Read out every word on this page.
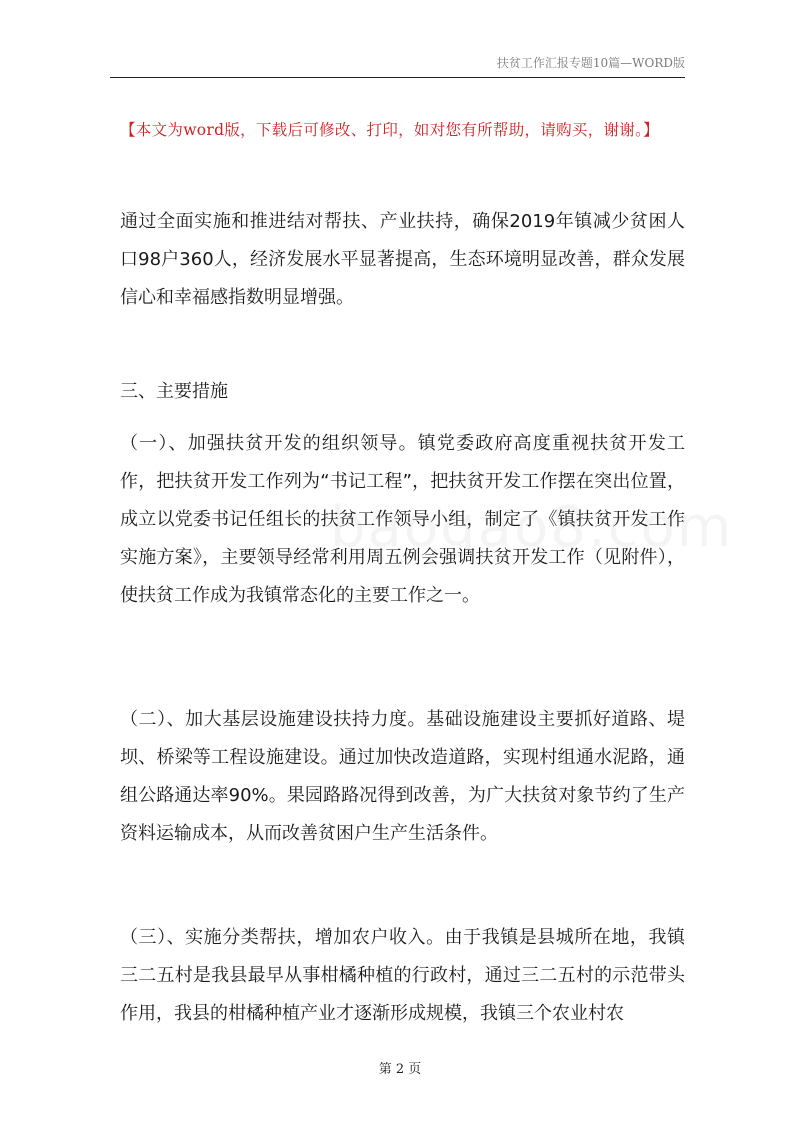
扶贫工作汇报专题10篇—WORD版
【本文为word版，下载后可修改、打印，如对您有所帮助，请购买，谢谢。】

通过全面实施和推进结对帮扶、产业扶持，确保2019年镇减少贫困人口98户360人，经济发展水平显著提高，生态环境明显改善，群众发展信心和幸福感指数明显增强。

三、主要措施

（一）、加强扶贫开发的组织领导。镇党委政府高度重视扶贫开发工作，把扶贫开发工作列为“书记工程”，把扶贫开发工作摆在突出位置，成立以党委书记任组长的扶贫工作领导小组，制定了《镇扶贫开发工作实施方案》，主要领导经常利用周五例会强调扶贫开发工作（见附件），使扶贫工作成为我镇常态化的主要工作之一。

（二）、加大基层设施建设扶持力度。基础设施建设主要抓好道路、堤坝、桥梁等工程设施建设。通过加快改造道路，实现村组通水泥路，通组公路通达率90%。果园路路况得到改善，为广大扶贫对象节约了生产资料运输成本，从而改善贫困户生产生活条件。

（三）、实施分类帮扶，增加农户收入。由于我镇是县城所在地，我镇三二五村是我县最早从事柑橘种植的行政村，通过三二五村的示范带头作用，我县的柑橘种植产业才逐渐形成规模，我镇三个农业村农

第 2 页
